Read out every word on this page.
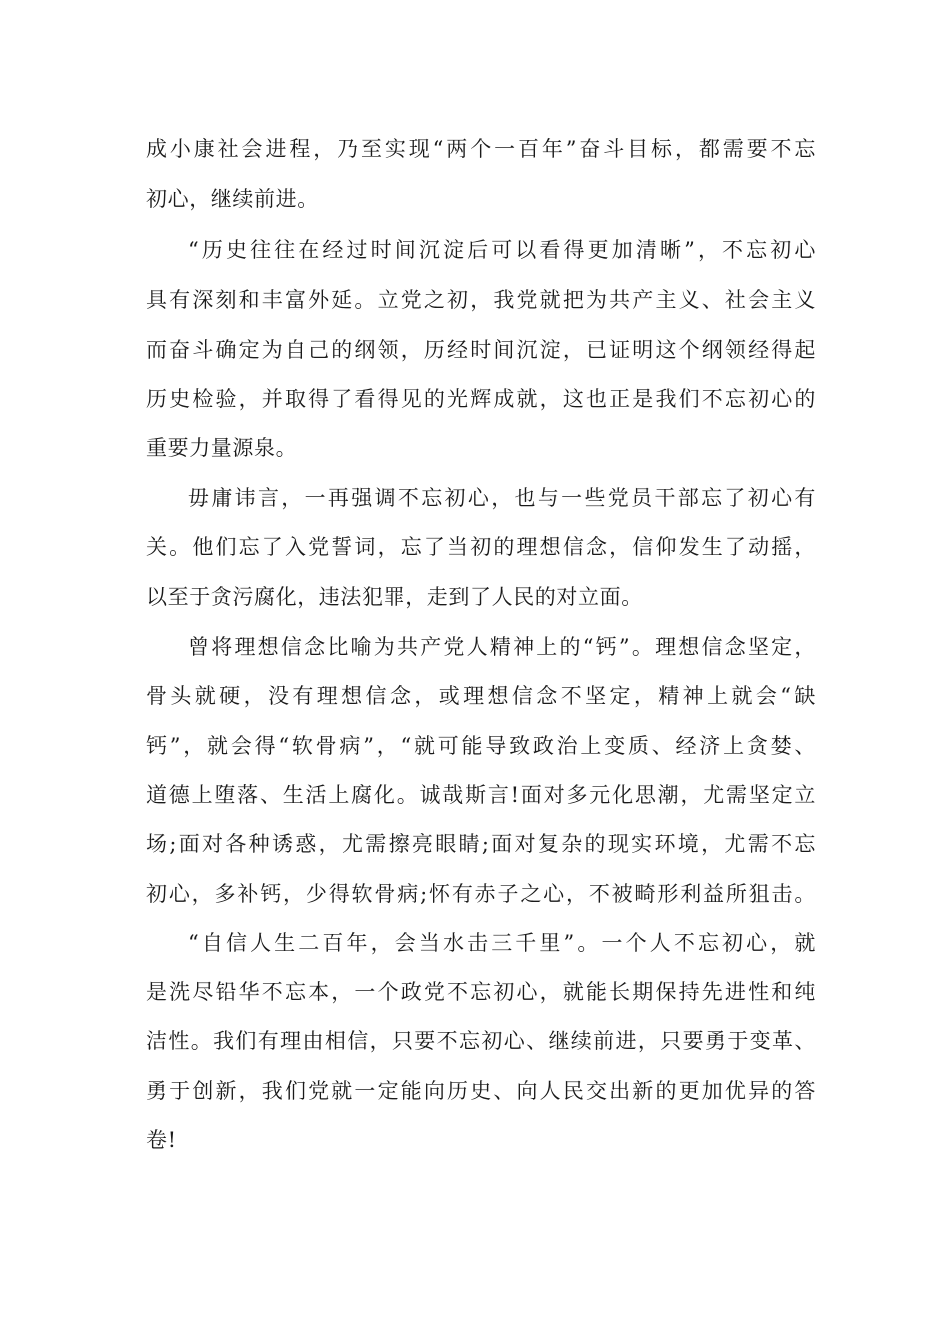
成小康社会进程，乃至实现“两个一百年”奋斗目标，都需要不忘
初心，继续前进。
“历史往往在经过时间沉淀后可以看得更加清晰”，不忘初心
具有深刻和丰富外延。立党之初，我党就把为共产主义、社会主义
而奋斗确定为自己的纲领，历经时间沉淀，已证明这个纲领经得起
历史检验，并取得了看得见的光辉成就，这也正是我们不忘初心的
重要力量源泉。
毋庸讳言，一再强调不忘初心，也与一些党员干部忘了初心有
关。他们忘了入党誓词，忘了当初的理想信念，信仰发生了动摇，
以至于贪污腐化，违法犯罪，走到了人民的对立面。
曾将理想信念比喻为共产党人精神上的“钙”。理想信念坚定，
骨头就硬，没有理想信念，或理想信念不坚定，精神上就会“缺
钙”，就会得“软骨病”，“就可能导致政治上变质、经济上贪婪、
道德上堕落、生活上腐化。诚哉斯言!面对多元化思潮，尤需坚定立
场;面对各种诱惑，尤需擦亮眼睛;面对复杂的现实环境，尤需不忘
初心，多补钙，少得软骨病;怀有赤子之心，不被畸形利益所狙击。
“自信人生二百年，会当水击三千里”。一个人不忘初心，就
是洗尽铅华不忘本，一个政党不忘初心，就能长期保持先进性和纯
洁性。我们有理由相信，只要不忘初心、继续前进，只要勇于变革、
勇于创新，我们党就一定能向历史、向人民交出新的更加优异的答
卷!
